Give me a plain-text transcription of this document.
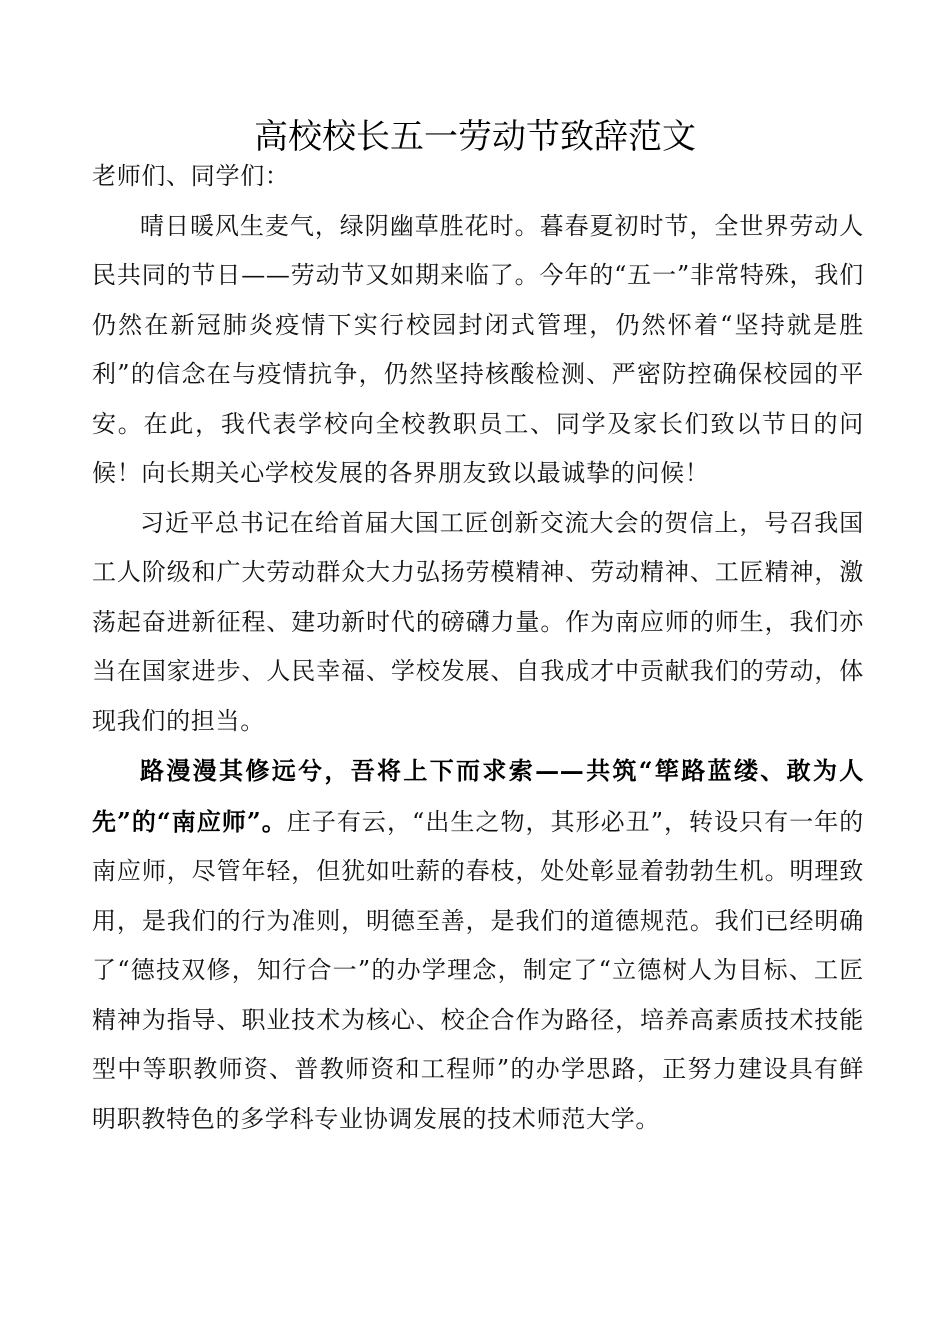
高校校长五一劳动节致辞范文

老师们、同学们：

晴日暖风生麦气，绿阴幽草胜花时。暮春夏初时节，全世界劳动人民共同的节日——劳动节又如期来临了。今年的“五一”非常特殊，我们仍然在新冠肺炎疫情下实行校园封闭式管理，仍然怀着“坚持就是胜利”的信念在与疫情抗争，仍然坚持核酸检测、严密防控确保校园的平安。在此，我代表学校向全校教职员工、同学及家长们致以节日的问候！向长期关心学校发展的各界朋友致以最诚挚的问候！

习近平总书记在给首届大国工匠创新交流大会的贺信上，号召我国工人阶级和广大劳动群众大力弘扬劳模精神、劳动精神、工匠精神，激荡起奋进新征程、建功新时代的磅礴力量。作为南应师的师生，我们亦当在国家进步、人民幸福、学校发展、自我成才中贡献我们的劳动，体现我们的担当。

路漫漫其修远兮，吾将上下而求索——共筑“筚路蓝缕、敢为人先”的“南应师”。庄子有云，“出生之物，其形必丑”，转设只有一年的南应师，尽管年轻，但犹如吐薪的春枝，处处彰显着勃勃生机。明理致用，是我们的行为准则，明德至善，是我们的道德规范。我们已经明确了“德技双修，知行合一”的办学理念，制定了“立德树人为目标、工匠精神为指导、职业技术为核心、校企合作为路径，培养高素质技术技能型中等职教师资、普教师资和工程师”的办学思路，正努力建设具有鲜明职教特色的多学科专业协调发展的技术师范大学。
